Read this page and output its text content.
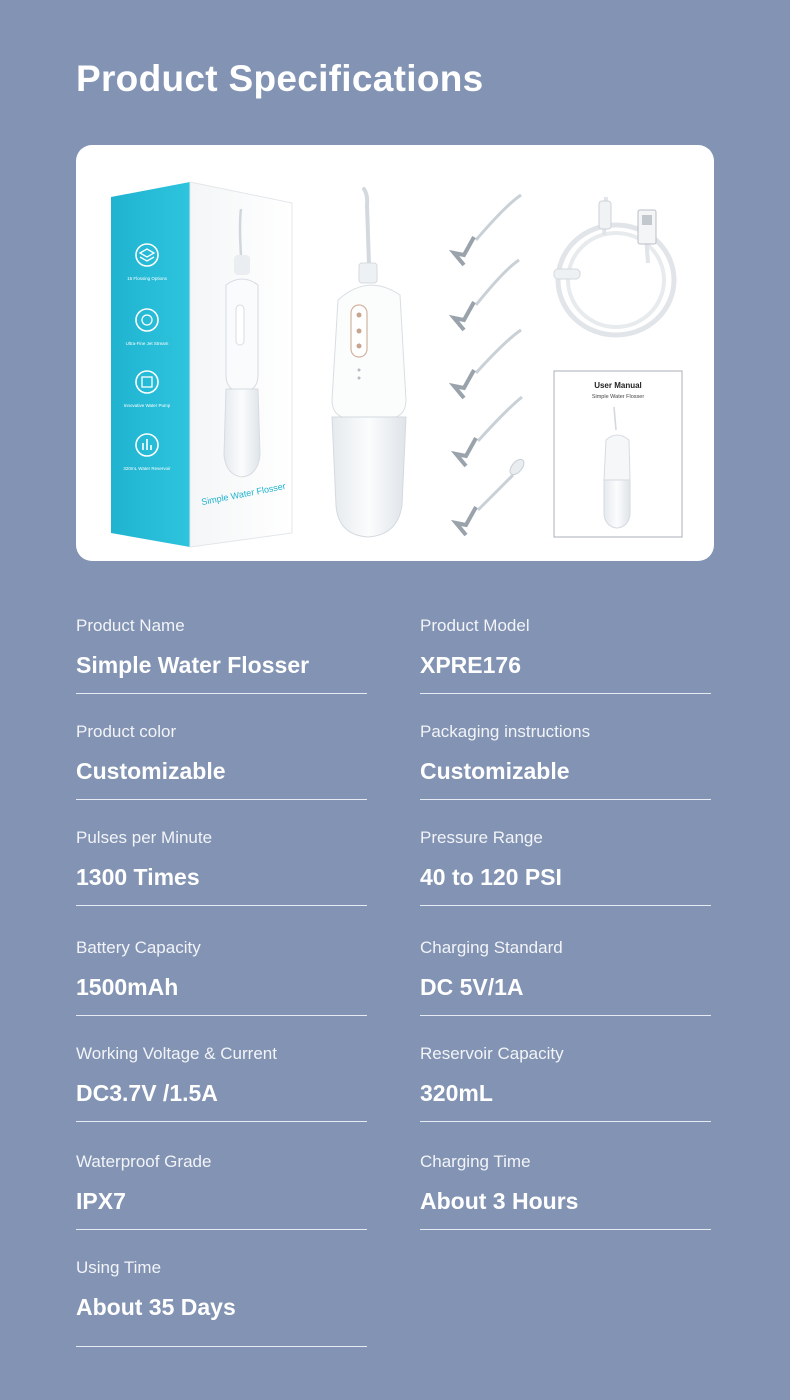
Product Specifications
15 Flossing Options
Ultra-Fine Jet Stream
Innovative Water Pump
320mL Water Reservoir
Simple Water Flosser
User Manual
Simple Water Flosser
Product Name
Simple Water Flosser
Product Model
XPRE176
Product color
Customizable
Packaging instructions
Customizable
Pulses per Minute
1300 Times
Pressure Range
40 to 120 PSI
Battery Capacity
1500mAh
Charging Standard
DC 5V/1A
Working Voltage & Current
DC3.7V /1.5A
Reservoir Capacity
320mL
Waterproof Grade
IPX7
Charging Time
About 3 Hours
Using Time
About 35 Days
